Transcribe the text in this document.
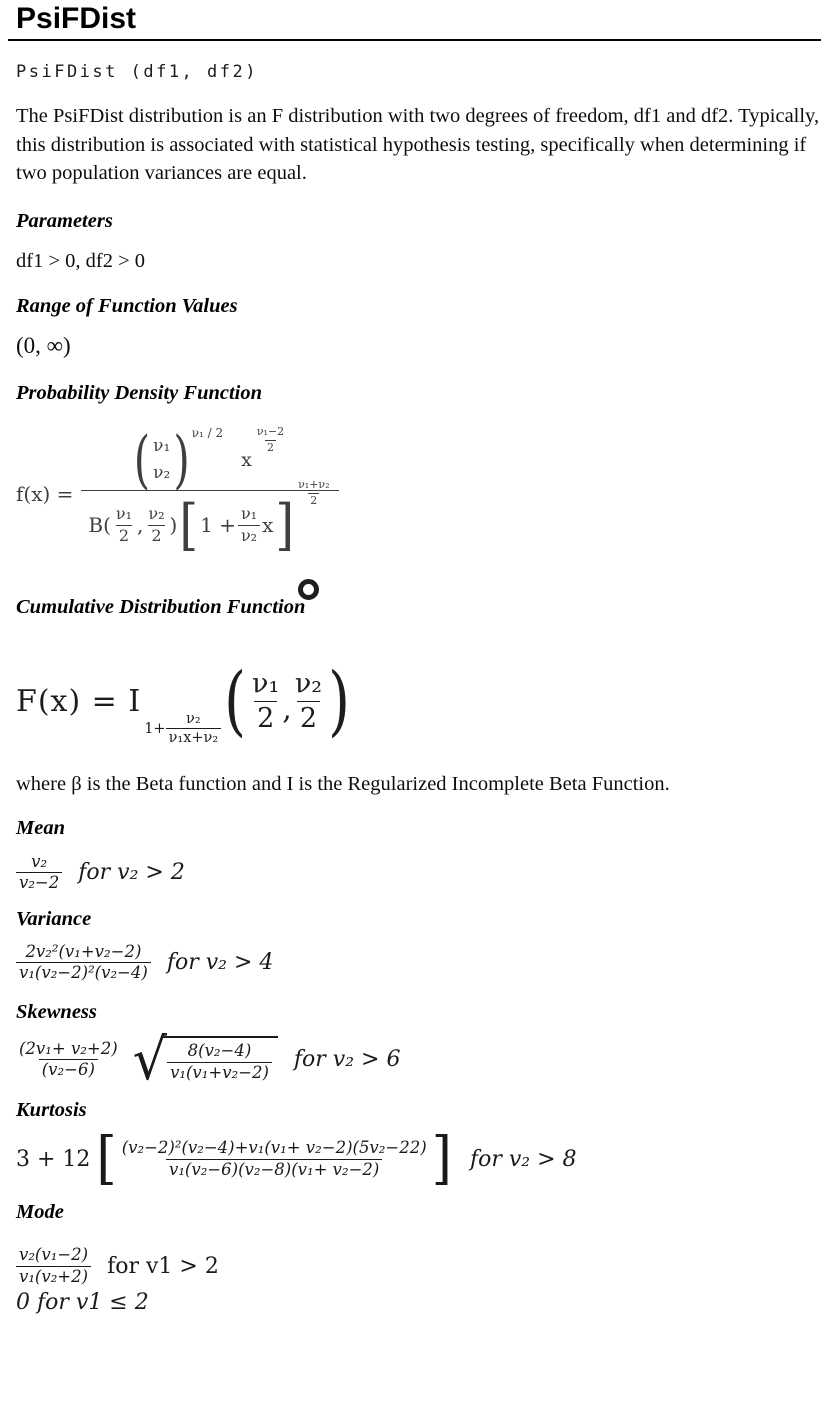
PsiFDist
PsiFDist (df1, df2)

The PsiFDist distribution is an F distribution with two degrees of freedom, df1 and df2. Typically, this distribution is associated with statistical hypothesis testing, specifically when determining if two population variances are equal.

Parameters
df1 > 0, df2 > 0
Range of Function Values
(0, ∞)
Probability Density Function
f(x) = ( ν₁
ν₂ ) ν₁ / 2
x
ν₁−2
2
B( ν₁
2 , ν₂
2 ) [ $1 + \frac{\text{ν₁}}{\text{ν₂}}$ x ]
ν₁+ν₂
2
Cumulative Distribution Function
F(x) = I
$1+ \frac{\text{ν₂}}{\text{ν₁x+ν₂}}$ ( ν₁
2 ,
ν₂
2 )
where β is the Beta function and I is the Regularized Incomplete Beta Function.
Mean
v₂
v₂−2 for v₂ > 2
Variance
2v₂²(v₁+v₂−2)
v₁(v₂−2)²(v₂−4) for v₂ > 4
Skewness
(2v₁+ v₂+2)
(v₂−6) √ $\frac{\text{8(v₂−4)}}{\text{v₁(v₁+v₂−2)}}$ for v₂ > 6
Kurtosis
3 + 12 [ (v₂−2)²(v₂−4)+v₁(v₁+ v₂−2)(5v₂−22)
v₁(v₂−6)(v₂−8)(v₁+ v₂−2) ] for v₂ > 8
Mode
v₂(v₁−2)
v₁(v₂+2) for v1 > 2
0 for v1 ≤ 2
